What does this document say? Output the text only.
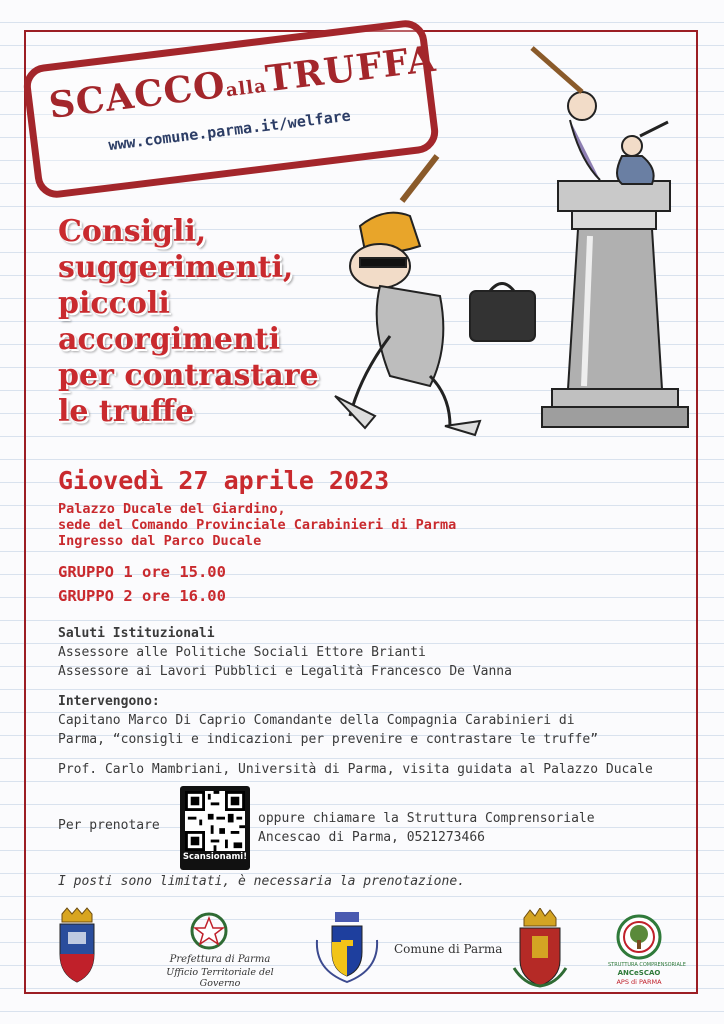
SCACCOallaTRUFFA
www.comune.parma.it/welfare
Consigli,
suggerimenti,
piccoli
accorgimenti
per contrastare
le truffe
Giovedì 27 aprile 2023
Palazzo Ducale del Giardino,
sede del Comando Provinciale Carabinieri di Parma
Ingresso dal Parco Ducale
GRUPPO 1 ore 15.00
GRUPPO 2 ore 16.00
Saluti Istituzionali
Assessore alle Politiche Sociali Ettore Brianti
Assessore ai Lavori Pubblici e Legalità Francesco De Vanna
Intervengono:
Capitano Marco Di Caprio Comandante della Compagnia Carabinieri di
Parma, “consigli e indicazioni per prevenire e contrastare le truffe”
Prof. Carlo Mambriani, Università di Parma, visita guidata al Palazzo Ducale
Per prenotare
Scansionami!
oppure chiamare la Struttura Comprensoriale
Ancescao di Parma, 0521273466
I posti sono limitati, è necessaria la prenotazione.
Prefettura di Parma
Ufficio Territoriale del Governo
Comune di Parma
STRUTTURA COMPRENSORIALE
ANCeSCAO
APS di PARMA
